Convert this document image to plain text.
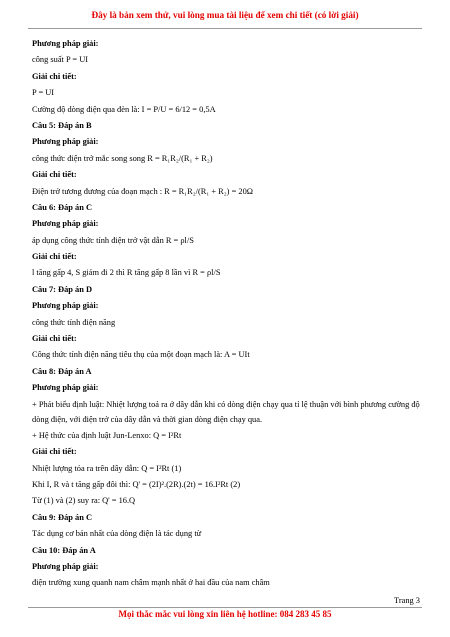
Đây là bản xem thử, vui lòng mua tài liệu để xem chi tiết (có lời giải)
Phương pháp giải:
công suất P = UI
Giải chi tiết:
P = UI
Cường độ dòng điện qua đèn là: I = P/U = 6/12 = 0,5A
Câu 5: Đáp án B
Phương pháp giải:
công thức điện trở mắc song song R = R₁R₂/(R₁ + R₂)
Giải chi tiết:
Điện trở tương đương của đoạn mạch : R = R₁R₂/(R₁ + R₂) = 20Ω
Câu 6: Đáp án C
Phương pháp giải:
áp dụng công thức tính điện trở vật dẫn R = ρl/S
Giải chi tiết:
l tăng gấp 4, S giảm đi 2 thì R tăng gấp 8 lần vì R = ρl/S
Câu 7: Đáp án D
Phương pháp giải:
công thức tính điện năng
Giải chi tiết:
Công thức tính điện năng tiêu thụ của một đoạn mạch là: A = UIt
Câu 8: Đáp án A
Phương pháp giải:
+ Phát biểu định luật: Nhiệt lượng toả ra ở dây dẫn khi có dòng điện chạy qua tỉ lệ thuận với bình phương cường độ dòng điện, với điện trở của dây dẫn và thời gian dòng điện chạy qua.
+ Hệ thức của định luật Jun-Lenxo: Q = I²Rt
Giải chi tiết:
Nhiệt lượng tỏa ra trên dây dẫn: Q = I²Rt (1)
Khi I, R và t tăng gấp đôi thì: Q' = (2I)².(2R).(2t) = 16.I²Rt (2)
Từ (1) và (2) suy ra: Q' = 16.Q
Câu 9: Đáp án C
Tác dụng cơ bản nhất của dòng điện là tác dụng từ
Câu 10: Đáp án A
Phương pháp giải:
điện trường xung quanh nam châm mạnh nhất ở hai đầu của nam châm
Trang 3
Mọi thắc mắc vui lòng xin liên hệ hotline: 084 283 45 85
